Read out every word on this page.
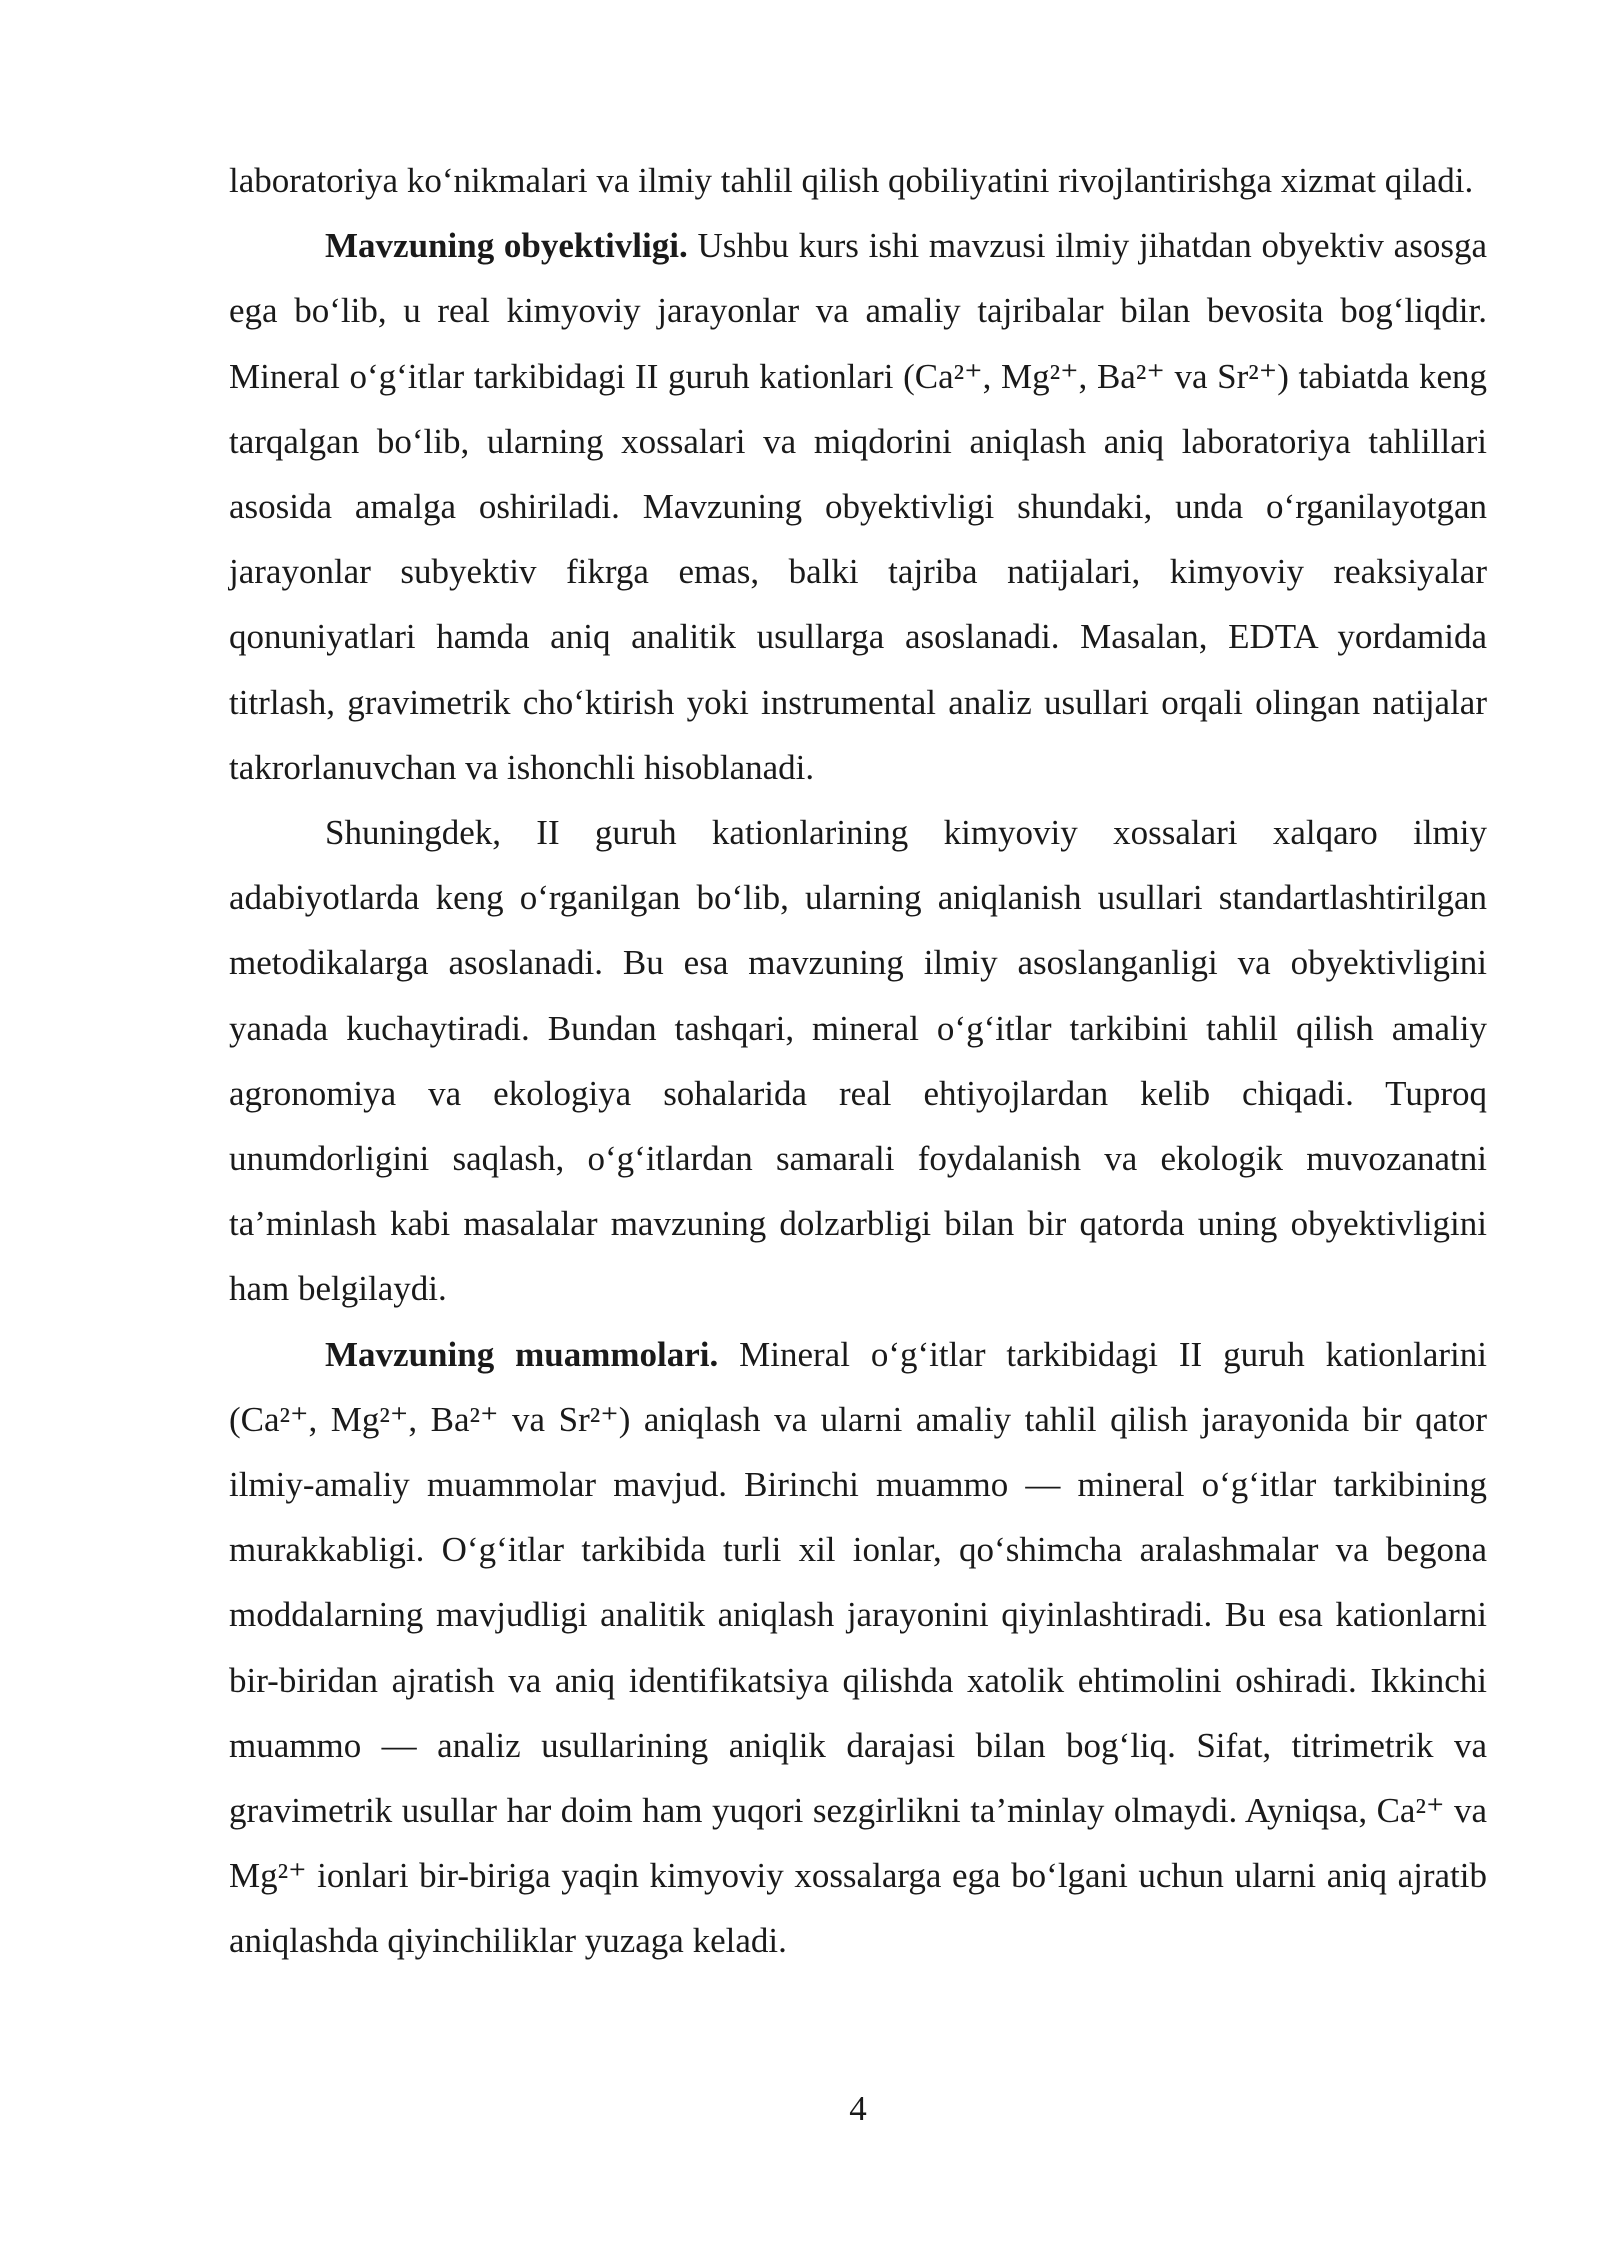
laboratoriya ko‘nikmalari va ilmiy tahlil qilish qobiliyatini rivojlantirishga xizmat qiladi.

Mavzuning obyektivligi. Ushbu kurs ishi mavzusi ilmiy jihatdan obyektiv asosga ega bo‘lib, u real kimyoviy jarayonlar va amaliy tajribalar bilan bevosita bog‘liqdir. Mineral o‘g‘itlar tarkibidagi II guruh kationlari (Ca²⁺, Mg²⁺, Ba²⁺ va Sr²⁺) tabiatda keng tarqalgan bo‘lib, ularning xossalari va miqdorini aniqlash aniq laboratoriya tahlillari asosida amalga oshiriladi. Mavzuning obyektivligi shundaki, unda o‘rganilayotgan jarayonlar subyektiv fikrga emas, balki tajriba natijalari, kimyoviy reaksiyalar qonuniyatlari hamda aniq analitik usullarga asoslanadi. Masalan, EDTA yordamida titrlash, gravimetrik cho‘ktirish yoki instrumental analiz usullari orqali olingan natijalar takrorlanuvchan va ishonchli hisoblanadi.

Shuningdek, II guruh kationlarining kimyoviy xossalari xalqaro ilmiy adabiyotlarda keng o‘rganilgan bo‘lib, ularning aniqlanish usullari standartlashtirilgan metodikalarga asoslanadi. Bu esa mavzuning ilmiy asoslanganligi va obyektivligini yanada kuchaytiradi. Bundan tashqari, mineral o‘g‘itlar tarkibini tahlil qilish amaliy agronomiya va ekologiya sohalarida real ehtiyojlardan kelib chiqadi. Tuproq unumdorligini saqlash, o‘g‘itlardan samarali foydalanish va ekologik muvozanatni ta’minlash kabi masalalar mavzuning dolzarbligi bilan bir qatorda uning obyektivligini ham belgilaydi.

Mavzuning muammolari. Mineral o‘g‘itlar tarkibidagi II guruh kationlarini (Ca²⁺, Mg²⁺, Ba²⁺ va Sr²⁺) aniqlash va ularni amaliy tahlil qilish jarayonida bir qator ilmiy-amaliy muammolar mavjud. Birinchi muammo — mineral o‘g‘itlar tarkibining murakkabligi. O‘g‘itlar tarkibida turli xil ionlar, qo‘shimcha aralashmalar va begona moddalarning mavjudligi analitik aniqlash jarayonini qiyinlashtiradi. Bu esa kationlarni bir-biridan ajratish va aniq identifikatsiya qilishda xatolik ehtimolini oshiradi. Ikkinchi muammo — analiz usullarining aniqlik darajasi bilan bog‘liq. Sifat, titrimetrik va gravimetrik usullar har doim ham yuqori sezgirlikni ta’minlay olmaydi. Ayniqsa, Ca²⁺ va Mg²⁺ ionlari bir-biriga yaqin kimyoviy xossalarga ega bo‘lgani uchun ularni aniq ajratib aniqlashda qiyinchiliklar yuzaga keladi.

4
